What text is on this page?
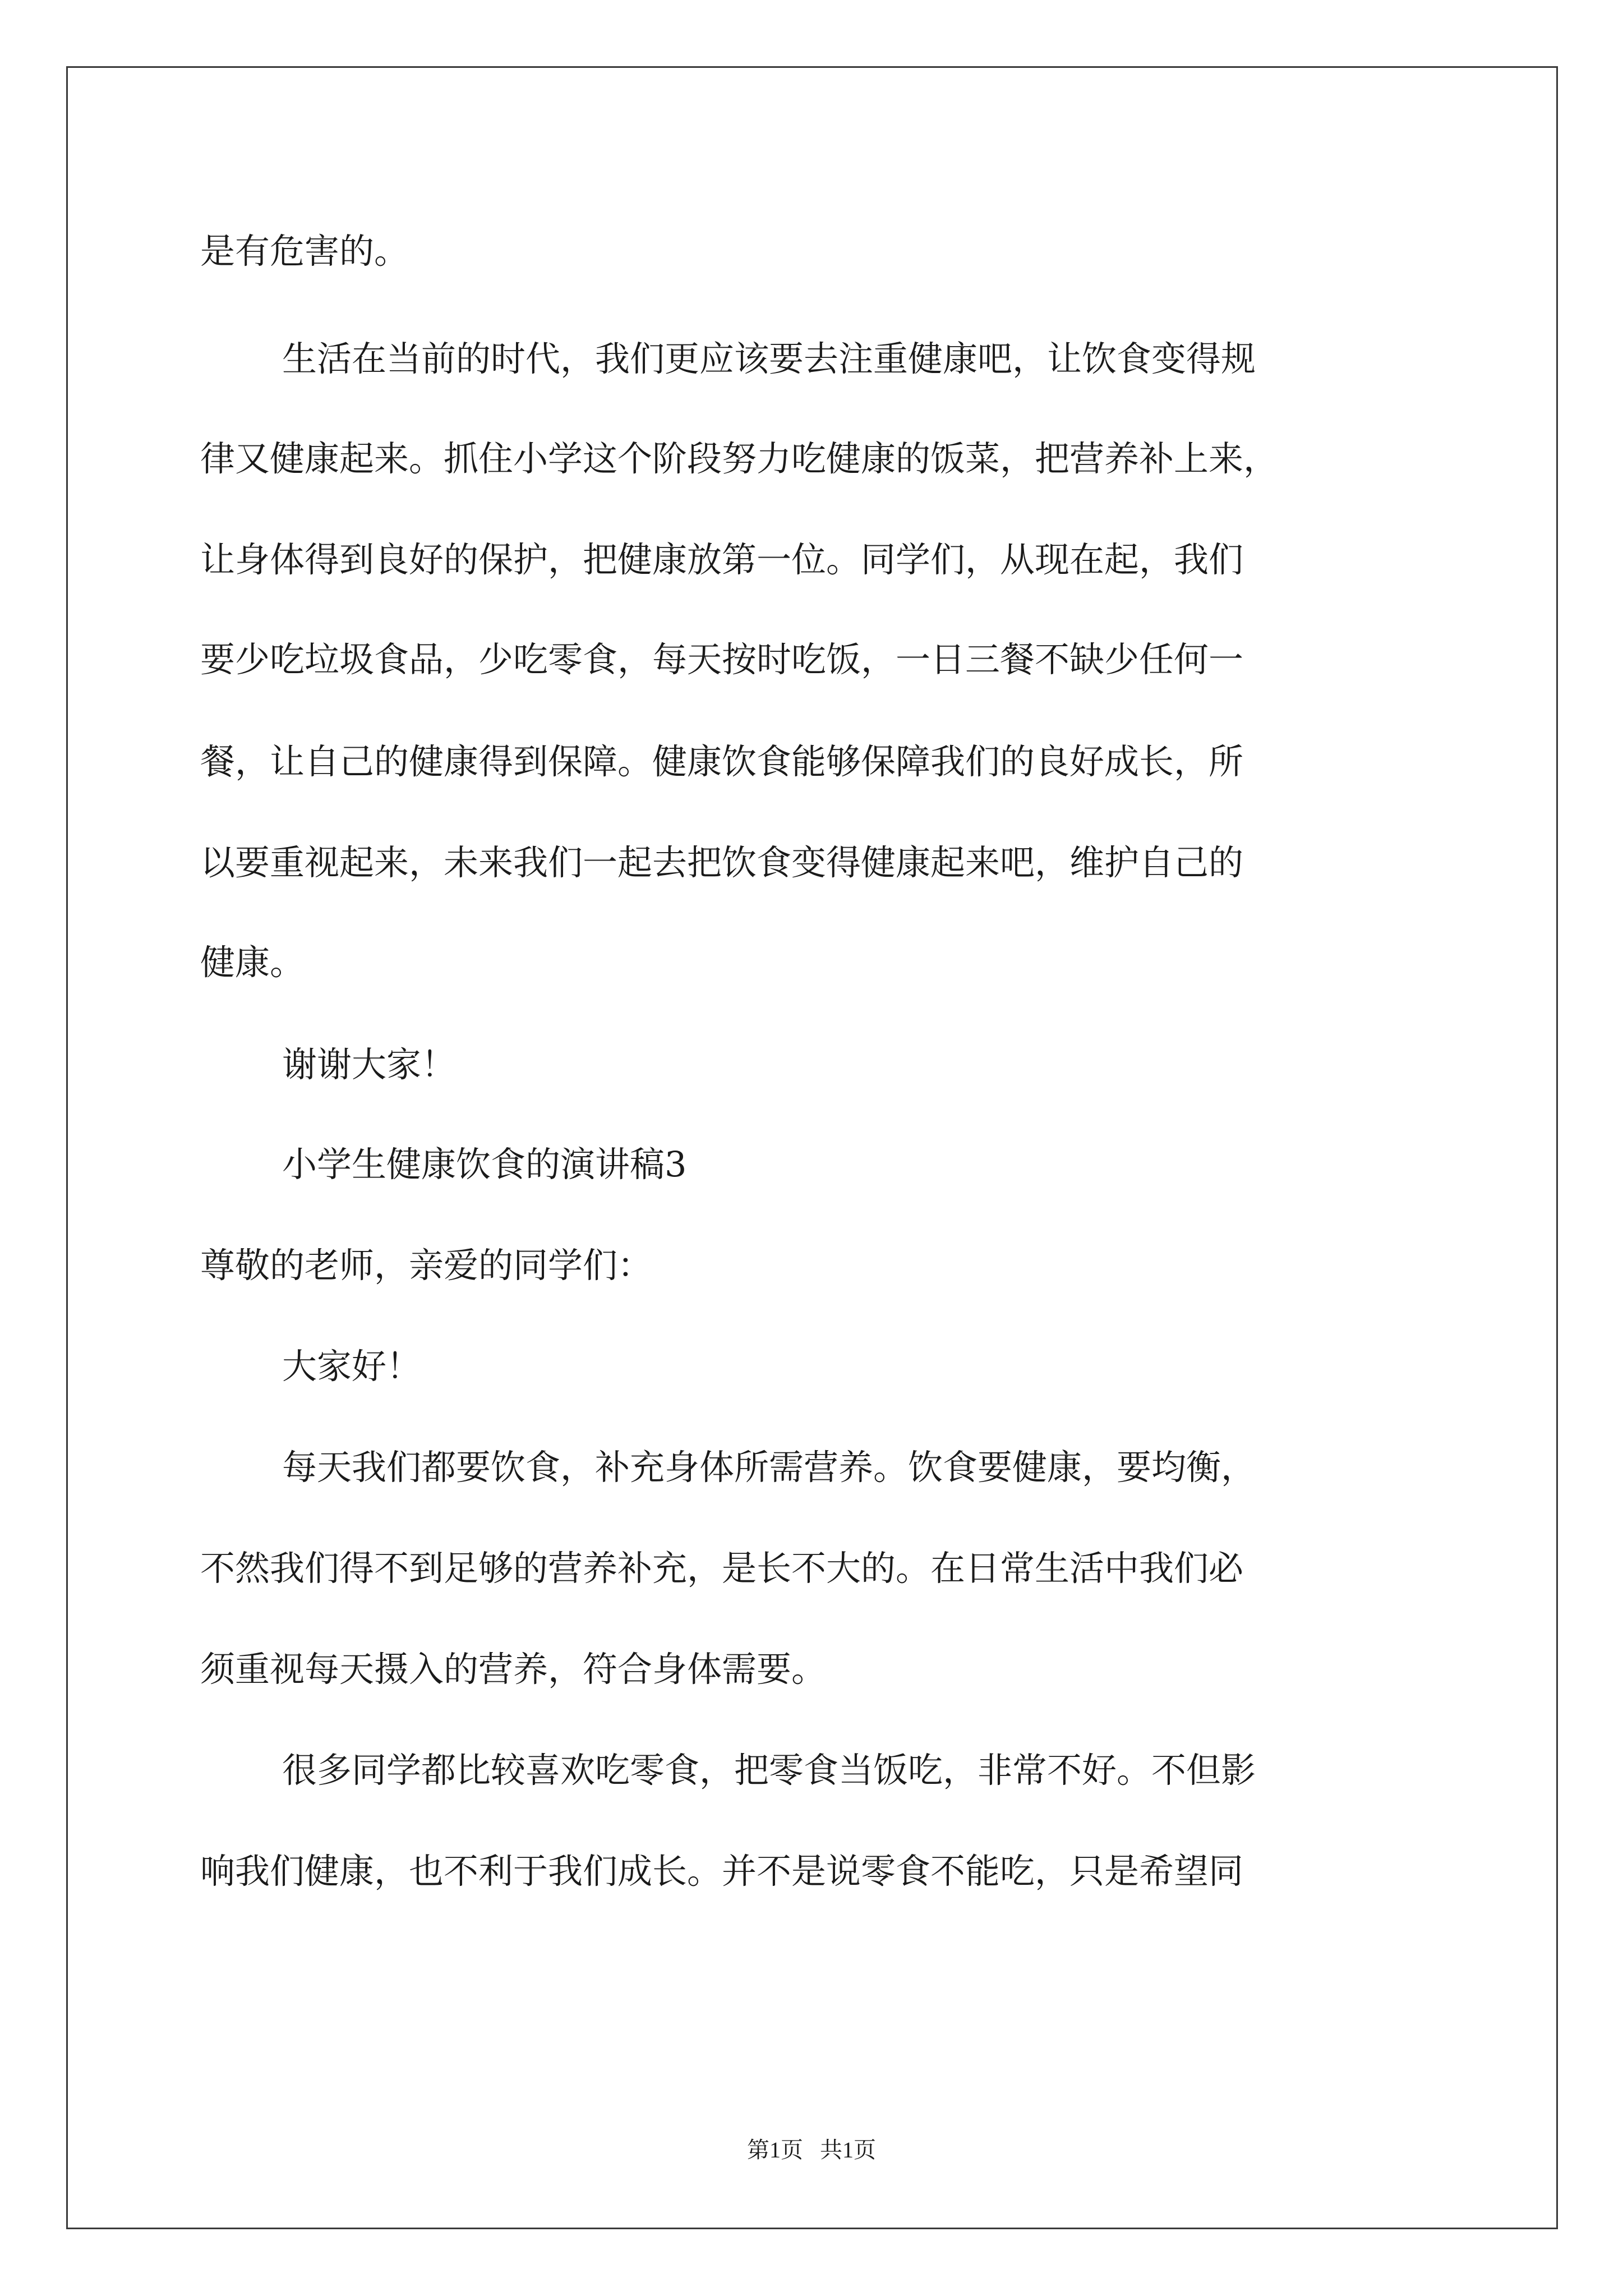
是有危害的。

生活在当前的时代，我们更应该要去注重健康吧，让饮食变得规

律又健康起来。抓住小学这个阶段努力吃健康的饭菜，把营养补上来，

让身体得到良好的保护，把健康放第一位。同学们，从现在起，我们

要少吃垃圾食品，少吃零食，每天按时吃饭，一日三餐不缺少任何一

餐，让自己的健康得到保障。健康饮食能够保障我们的良好成长，所

以要重视起来，未来我们一起去把饮食变得健康起来吧，维护自己的

健康。

谢谢大家！

小学生健康饮食的演讲稿3

尊敬的老师，亲爱的同学们：

大家好！

每天我们都要饮食，补充身体所需营养。饮食要健康，要均衡，

不然我们得不到足够的营养补充，是长不大的。在日常生活中我们必

须重视每天摄入的营养，符合身体需要。

很多同学都比较喜欢吃零食，把零食当饭吃，非常不好。不但影

响我们健康，也不利于我们成长。并不是说零食不能吃，只是希望同

第1页   共1页
